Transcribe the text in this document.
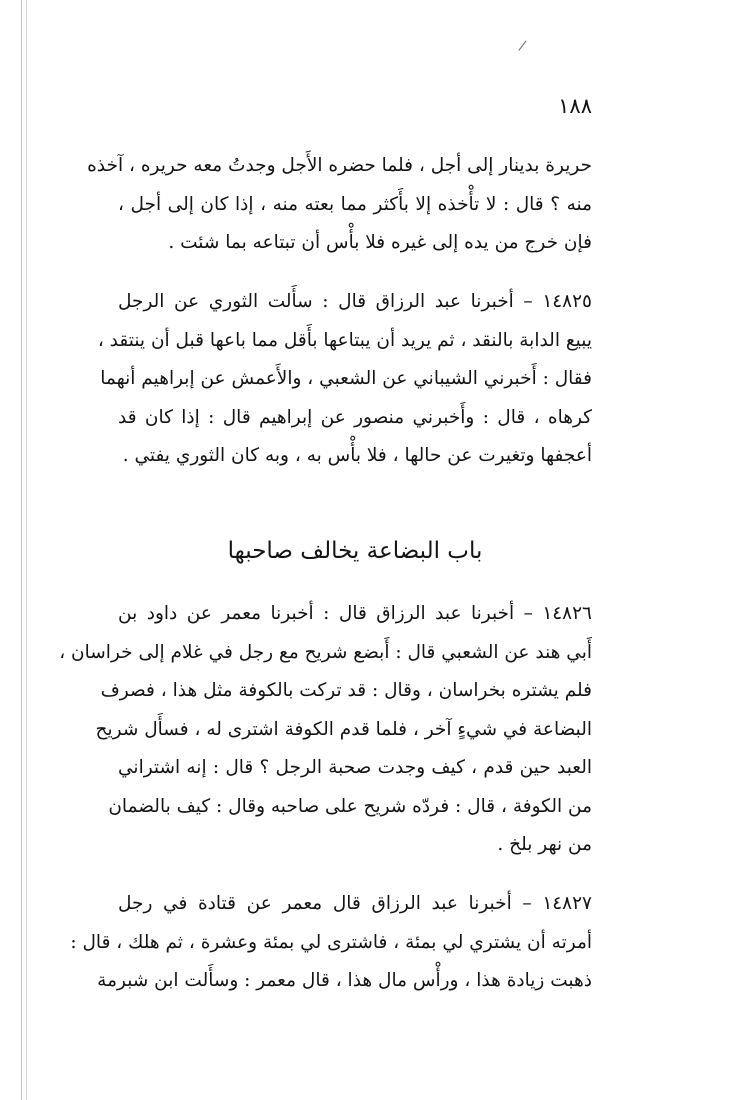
/
١٨٨
حريرة بدينار إلى أجل ، فلما حضره الأَجل وجدتُ معه حريره ، آخذه
منه ؟ قال : لا تأْخذه إلا بأَكثر مما بعته منه ، إذا كان إلى أجل ،
فإن خرج من يده إلى غيره فلا بأْس أن تبتاعه بما شئت .
١٤٨٢٥ – أخبرنا عبد الرزاق قال : سأَلت الثوري عن الرجل
يبيع الدابة بالنقد ، ثم يريد أن يبتاعها بأَقل مما باعها قبل أن ينتقد ،
فقال : أَخبرني الشيباني عن الشعبي ، والأَعمش عن إبراهيم أنهما
كرهاه ، قال : وأَخبرني منصور عن إبراهيم قال : إذا كان قد
أعجفها وتغيرت عن حالها ، فلا بأْس به ، وبه كان الثوري يفتي .
باب البضاعة يخالف صاحبها
١٤٨٢٦ – أخبرنا عبد الرزاق قال : أخبرنا معمر عن داود بن
أَبي هند عن الشعبي قال : أَبضع شريح مع رجل في غلام إلى خراسان ،
فلم يشتره بخراسان ، وقال : قد تركت بالكوفة مثل هذا ، فصرف
البضاعة في شيءٍ آخر ، فلما قدم الكوفة اشترى له ، فسأَل شريح
العبد حين قدم ، كيف وجدت صحبة الرجل ؟ قال : إنه اشتراني
من الكوفة ، قال : فردّه شريح على صاحبه وقال : كيف بالضمان
من نهر بلخ .
١٤٨٢٧ – أخبرنا عبد الرزاق قال معمر عن قتادة في رجل
أمرته أن يشتري لي بمئة ، فاشترى لي بمئة وعشرة ، ثم هلك ، قال :
ذهبت زيادة هذا ، ورأْس مال هذا ، قال معمر : وسأَلت ابن شبرمة
